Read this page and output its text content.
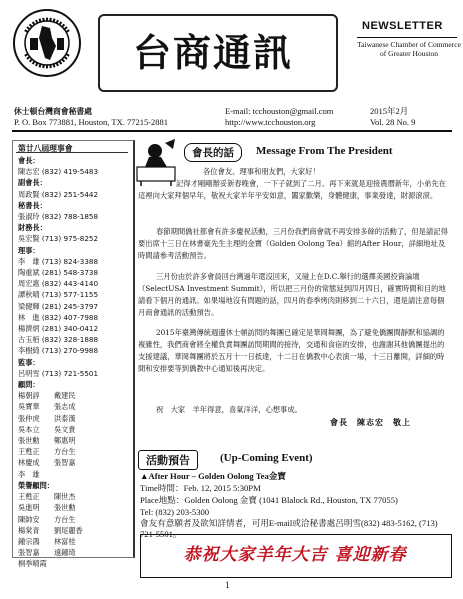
台商通訊
NEWSLETTER
Taiwanese Chamber of Commerce of Greater Houston
休士頓台灣商會秘書處
P. O. Box 773881, Houston, TX. 77215-2881
E-mail: tcchouston@gmail.com
http://www.tcchouston.org
2015年2月
Vol. 28 No. 9
第廿八屆理事會
會長：
陳志宏 (832) 419-5483
副會長：
周政賢 (832) 251-5442
秘書長：
張淑玲 (832) 788-1858
財務長：
吳宏賢 (713) 975-8252
理事：
李　雄 (713) 824-3388
陶重斌 (281) 548-3738
周宏惠 (832) 443-4140
譚秋晴 (713) 577-1155
梁健輝 (281) 245-3797
林　進 (832) 407-7988
楊濟炳 (281) 340-0412
古玉栢 (832) 328-1888
李樹綺 (713) 270-9988
監事：
呂明雪 (713) 721-5501
顧問：
楊朝諄　　戴建民
吳寶華　　張志成
張仲虎　　洪泰漢
吳本立　　吳文貴
張世勳　　鄭惠明
王甦正　　方台生
林慶成　　張智嘉
李　雄
榮譽顧問：
王甦正　　陳世杰
吳進明　　張世勳
陳帥安　　方台生
楊棠青　　劉尾麗香
鍾宗鴻　　林富桂
張智嘉　　遠鍾琦
桐季晴霞
會長的話	Message From The President
各位會友、理事和朋友們，大家好！
記得才剛剛辦妥新春晚會，一下子就到了二月。再下來就是迎接農曆新年，小弟先在這裡向大家拜個早年，敬祝大家羊年平安如意，闔家歡樂，身體健康，事業發達，財源滾滾。
春節期間僑社都會有許多慶祝活動，三月份我們商會就不再安排多餘的活動了，但是請記得要出席十三日在林書豪先生主理的金寶（Golden Oolong Tea）館的After Hour，詳細地址及時間請參考活動預告。
三月份由於許多會員回台灣過年還沒回來，又碰上在D.C.舉行的選擇美國投資論壇（SelectUSA Investment Summit），所以把三月份的常態延到四月四日，確實時間和目的地請看下個月的通訊。如果場地沒有問題的話，四月的春季烤肉則移到二十六日，還是請注意每個月商會通訊的活動預告。
2015年臺灣傳統週邊休士頓訪問的舞團已確定是華岡舞團，為了避免僑團間靜默和協調的複雜性，我們商會將全權負責舞團訪問期間的接待，交通和食宿的安排，也謝謝其他僑團提出的支援建議，華岡舞團將於五月十一日抵達，十二日在僑教中心表演一場，十三日離開，詳細的時間和安排要等到僑教中心通知後再決定。
祝　大家　羊年得意，喜氣洋洋，心想事成。
會長　陳志宏　敬上
活動預告	(Up-Coming Event)
▲After Hour – Golden Oolong Tea金寶
Time時間：Feb. 12, 2015 5:30PM
Place地點：Golden Oolong 金寶 (1041 Blalock Rd., Houston, TX 77055)
Tel: (832) 203-5300
會友有意願者及欲知詳情者，可用E-mail或洽秘書處呂明雪(832) 483-5162, (713) 721-5501。
恭祝大家羊年大吉 喜迎新春
1
